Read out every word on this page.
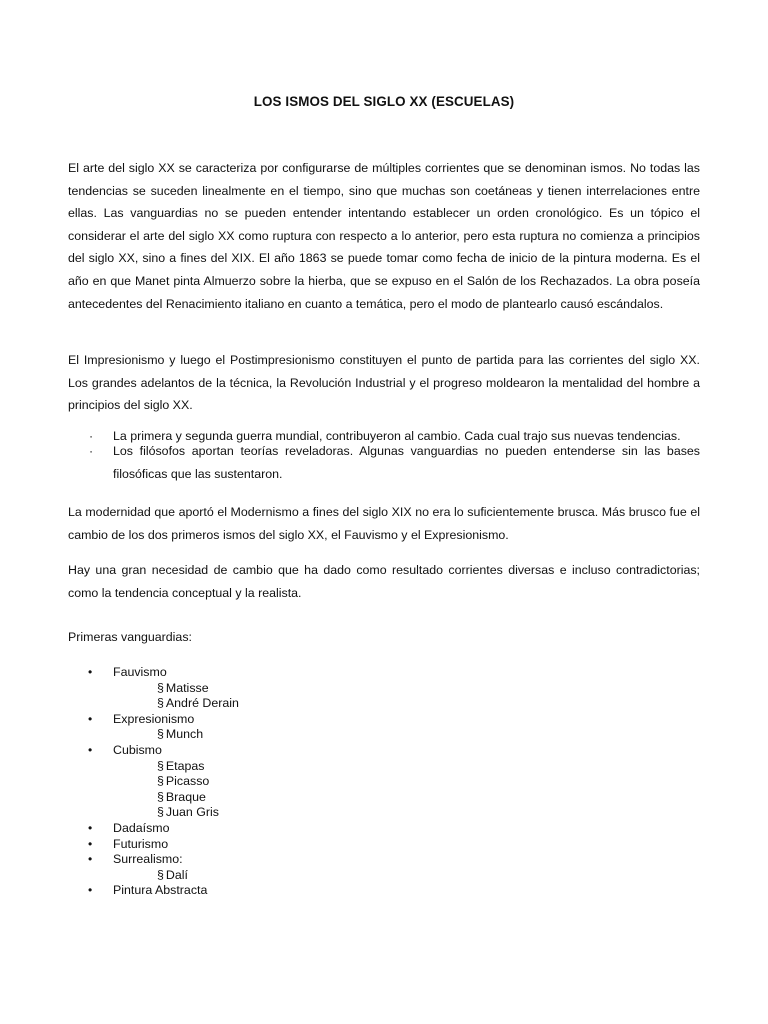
LOS ISMOS DEL SIGLO XX (ESCUELAS)

El arte del siglo XX se caracteriza por configurarse de múltiples corrientes que se denominan ismos. No todas las tendencias se suceden linealmente en el tiempo, sino que muchas son coetáneas y tienen interrelaciones entre ellas. Las vanguardias no se pueden entender intentando establecer un orden cronológico. Es un tópico el considerar el arte del siglo XX como ruptura con respecto a lo anterior, pero esta ruptura no comienza a principios del siglo XX, sino a fines del XIX. El año 1863 se puede tomar como fecha de inicio de la pintura moderna. Es el año en que Manet pinta Almuerzo sobre la hierba, que se expuso en el Salón de los Rechazados. La obra poseía antecedentes del Renacimiento italiano en cuanto a temática, pero el modo de plantearlo causó escándalos.

El Impresionismo y luego el Postimpresionismo constituyen el punto de partida para las corrientes del siglo XX. Los grandes adelantos de la técnica, la Revolución Industrial y el progreso moldearon la mentalidad del hombre a principios del siglo XX.

· La primera y segunda guerra mundial, contribuyeron al cambio. Cada cual trajo sus nuevas tendencias.
· Los filósofos aportan teorías reveladoras. Algunas vanguardias no pueden entenderse sin las bases filosóficas que las sustentaron.

La modernidad que aportó el Modernismo a fines del siglo XIX no era lo suficientemente brusca. Más brusco fue el cambio de los dos primeros ismos del siglo XX, el Fauvismo y el Expresionismo.

Hay una gran necesidad de cambio que ha dado como resultado corrientes diversas e incluso contradictorias; como la tendencia conceptual y la realista.

Primeras vanguardias:

• Fauvismo
§ Matisse
§ André Derain
• Expresionismo
§ Munch
• Cubismo
§ Etapas
§ Picasso
§ Braque
§ Juan Gris
• Dadaísmo
• Futurismo
• Surrealismo:
§ Dalí
• Pintura Abstracta
